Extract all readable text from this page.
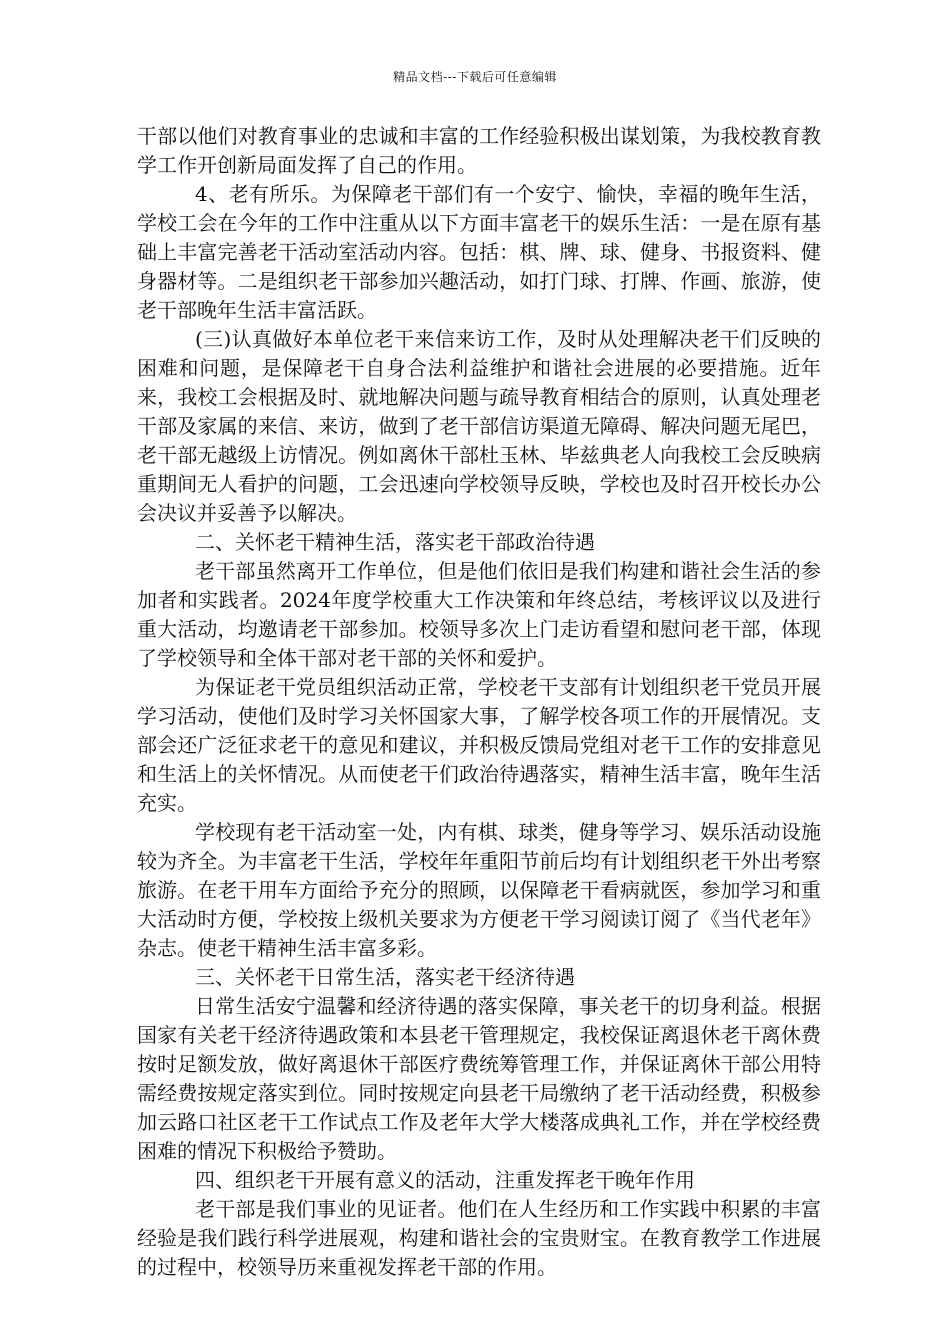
精品文档---下载后可任意编辑

干部以他们对教育事业的忠诚和丰富的工作经验积极出谋划策，为我校教育教学工作开创新局面发挥了自己的作用。

4、老有所乐。为保障老干部们有一个安宁、愉快，幸福的晚年生活，学校工会在今年的工作中注重从以下方面丰富老干的娱乐生活：一是在原有基础上丰富完善老干活动室活动内容。包括：棋、牌、球、健身、书报资料、健身器材等。二是组织老干部参加兴趣活动，如打门球、打牌、作画、旅游，使老干部晚年生活丰富活跃。

(三)认真做好本单位老干来信来访工作，及时从处理解决老干们反映的困难和问题，是保障老干自身合法利益维护和谐社会进展的必要措施。近年来，我校工会根据及时、就地解决问题与疏导教育相结合的原则，认真处理老干部及家属的来信、来访，做到了老干部信访渠道无障碍、解决问题无尾巴，老干部无越级上访情况。例如离休干部杜玉林、毕兹典老人向我校工会反映病重期间无人看护的问题，工会迅速向学校领导反映，学校也及时召开校长办公会决议并妥善予以解决。

二、关怀老干精神生活，落实老干部政治待遇

老干部虽然离开工作单位，但是他们依旧是我们构建和谐社会生活的参加者和实践者。2024年度学校重大工作决策和年终总结，考核评议以及进行重大活动，均邀请老干部参加。校领导多次上门走访看望和慰问老干部，体现了学校领导和全体干部对老干部的关怀和爱护。

为保证老干党员组织活动正常，学校老干支部有计划组织老干党员开展学习活动，使他们及时学习关怀国家大事，了解学校各项工作的开展情况。支部会还广泛征求老干的意见和建议，并积极反馈局党组对老干工作的安排意见和生活上的关怀情况。从而使老干们政治待遇落实，精神生活丰富，晚年生活充实。

学校现有老干活动室一处，内有棋、球类，健身等学习、娱乐活动设施较为齐全。为丰富老干生活，学校年年重阳节前后均有计划组织老干外出考察旅游。在老干用车方面给予充分的照顾，以保障老干看病就医，参加学习和重大活动时方便，学校按上级机关要求为方便老干学习阅读订阅了《当代老年》杂志。使老干精神生活丰富多彩。

三、关怀老干日常生活，落实老干经济待遇

日常生活安宁温馨和经济待遇的落实保障，事关老干的切身利益。根据国家有关老干经济待遇政策和本县老干管理规定，我校保证离退休老干离休费按时足额发放，做好离退休干部医疗费统筹管理工作，并保证离休干部公用特需经费按规定落实到位。同时按规定向县老干局缴纳了老干活动经费，积极参加云路口社区老干工作试点工作及老年大学大楼落成典礼工作，并在学校经费困难的情况下积极给予赞助。

四、组织老干开展有意义的活动，注重发挥老干晚年作用

老干部是我们事业的见证者。他们在人生经历和工作实践中积累的丰富经验是我们践行科学进展观，构建和谐社会的宝贵财宝。在教育教学工作进展的过程中，校领导历来重视发挥老干部的作用。
